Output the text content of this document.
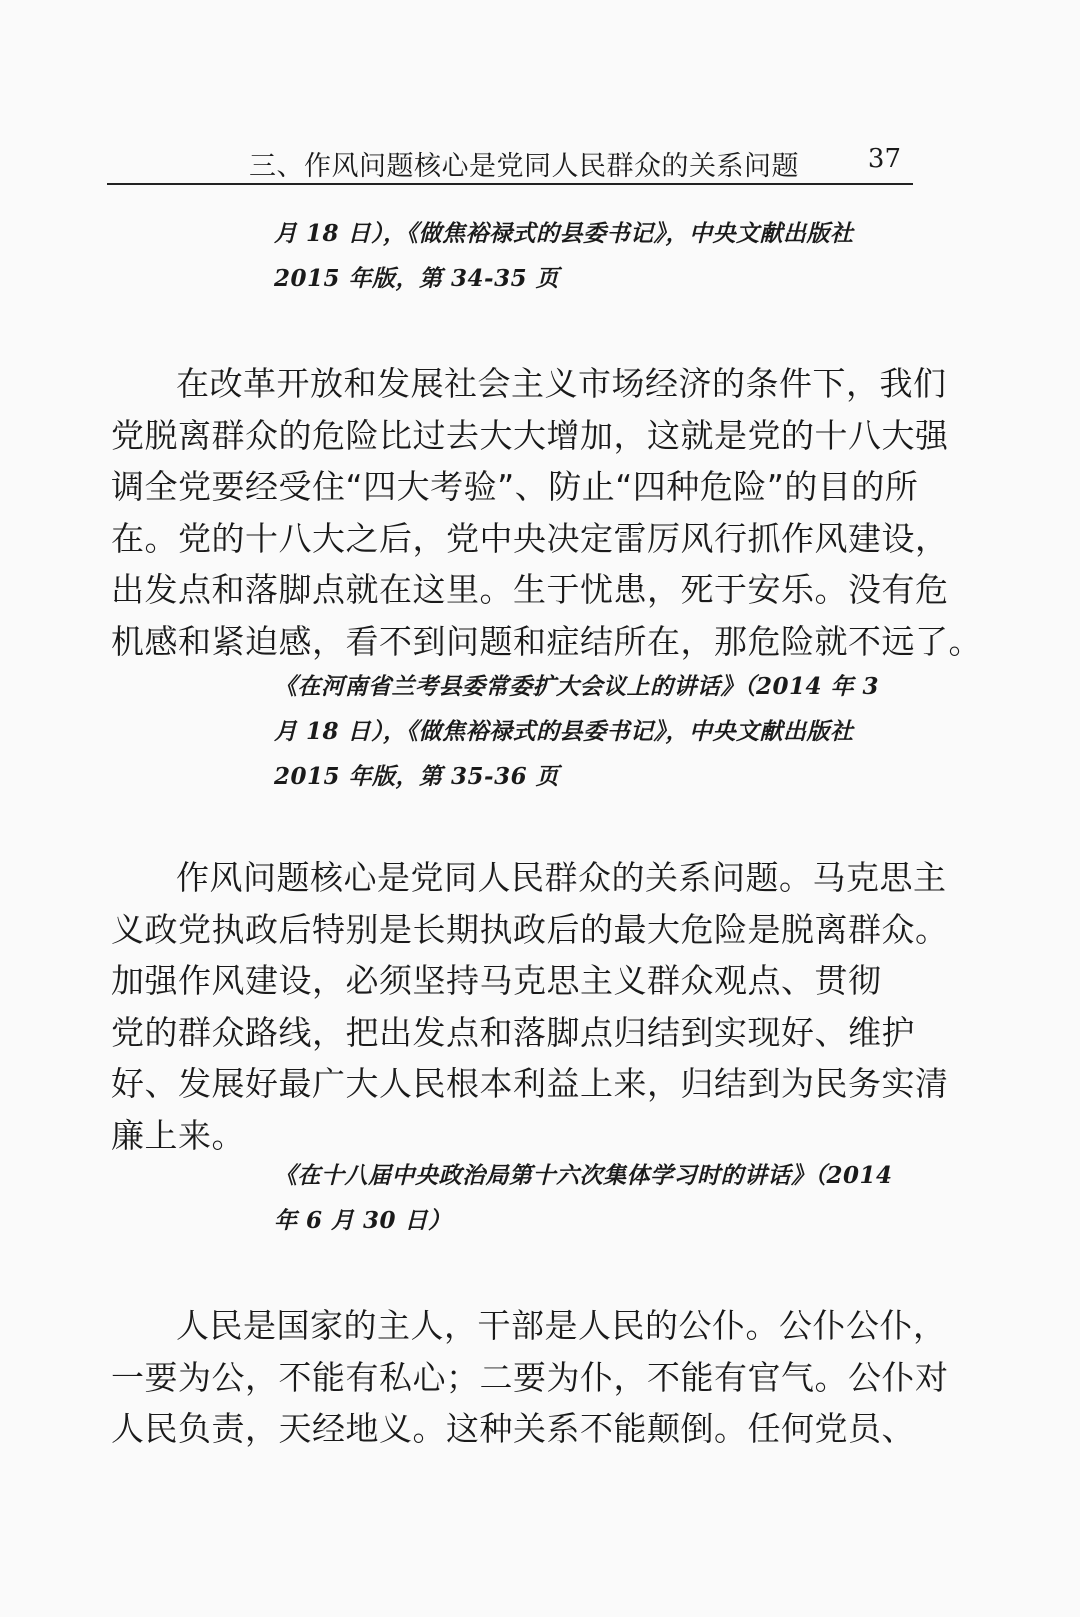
三、作风问题核心是党同人民群众的关系问题	37
月 18 日），《做焦裕禄式的县委书记》，中央文献出版社
2015 年版，第 34-35 页
在改革开放和发展社会主义市场经济的条件下，我们
党脱离群众的危险比过去大大增加，这就是党的十八大强
调全党要经受住“四大考验”、防止“四种危险”的目的所
在。党的十八大之后，党中央决定雷厉风行抓作风建设，
出发点和落脚点就在这里。生于忧患，死于安乐。没有危
机感和紧迫感，看不到问题和症结所在，那危险就不远了。
《在河南省兰考县委常委扩大会议上的讲话》（2014 年 3
月 18 日），《做焦裕禄式的县委书记》，中央文献出版社
2015 年版，第 35-36 页
作风问题核心是党同人民群众的关系问题。马克思主
义政党执政后特别是长期执政后的最大危险是脱离群众。
加强作风建设，必须坚持马克思主义群众观点、贯彻
党的群众路线，把出发点和落脚点归结到实现好、维护
好、发展好最广大人民根本利益上来，归结到为民务实清
廉上来。
《在十八届中央政治局第十六次集体学习时的讲话》（2014
年 6 月 30 日）
人民是国家的主人，干部是人民的公仆。公仆公仆，
一要为公，不能有私心；二要为仆，不能有官气。公仆对
人民负责，天经地义。这种关系不能颠倒。任何党员、
